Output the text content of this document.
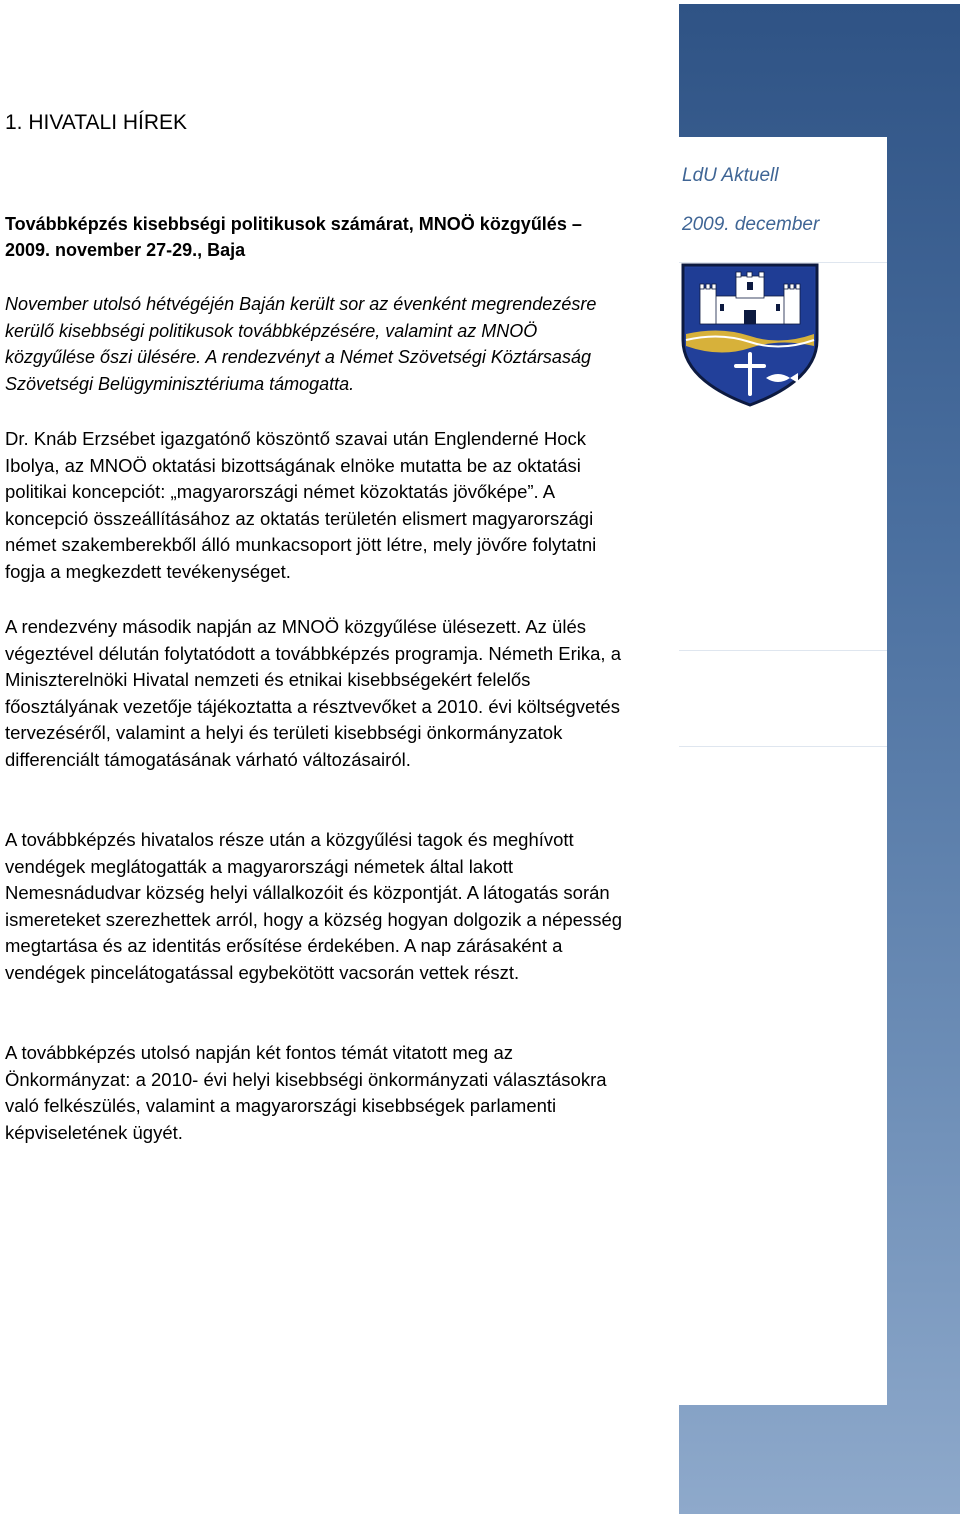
LdU Aktuell

2009. december

1. HIVATALI HÍREK
Továbbképzés kisebbségi politikusok számárat, MNOÖ közgyűlés – 2009. november 27-29., Baja

November utolsó hétvégéjén Baján került sor az évenként megrendezésre kerülő kisebbségi politikusok továbbképzésére, valamint az MNOÖ közgyűlése őszi ülésére. A rendezvényt a Német Szövetségi Köztársaság Szövetségi Belügyminisztériuma támogatta.

Dr. Knáb Erzsébet igazgatónő köszöntő szavai után Englenderné Hock Ibolya, az MNOÖ oktatási bizottságának elnöke mutatta be az oktatási politikai koncepciót: „magyarországi német közoktatás jövőképe”. A koncepció összeállításához az oktatás területén elismert magyarországi német szakemberekből álló munkacsoport jött létre, mely jövőre folytatni fogja a megkezdett tevékenységet.

A rendezvény második napján az MNOÖ közgyűlése ülésezett. Az ülés végeztével délután folytatódott a továbbképzés programja. Németh Erika, a Miniszterelnöki Hivatal nemzeti és etnikai kisebbségekért felelős főosztályának vezetője tájékoztatta a résztvevőket a 2010. évi költségvetés tervezéséről, valamint a helyi és területi kisebbségi önkormányzatok differenciált támogatásának várható változásairól.

A továbbképzés hivatalos része után a közgyűlési tagok és meghívott vendégek meglátogatták a magyarországi németek által lakott Nemesnádudvar község helyi vállalkozóit és központját. A látogatás során ismereteket szerezhettek arról, hogy a község hogyan dolgozik a népesség megtartása és az identitás erősítése érdekében. A nap zárásaként a vendégek pincelátogatással egybekötött vacsorán vettek részt.

A továbbképzés utolsó napján két fontos témát vitatott meg az Önkormányzat: a 2010- évi helyi kisebbségi önkormányzati választásokra való felkészülés, valamint a magyarországi kisebbségek parlamenti képviseletének ügyét.
